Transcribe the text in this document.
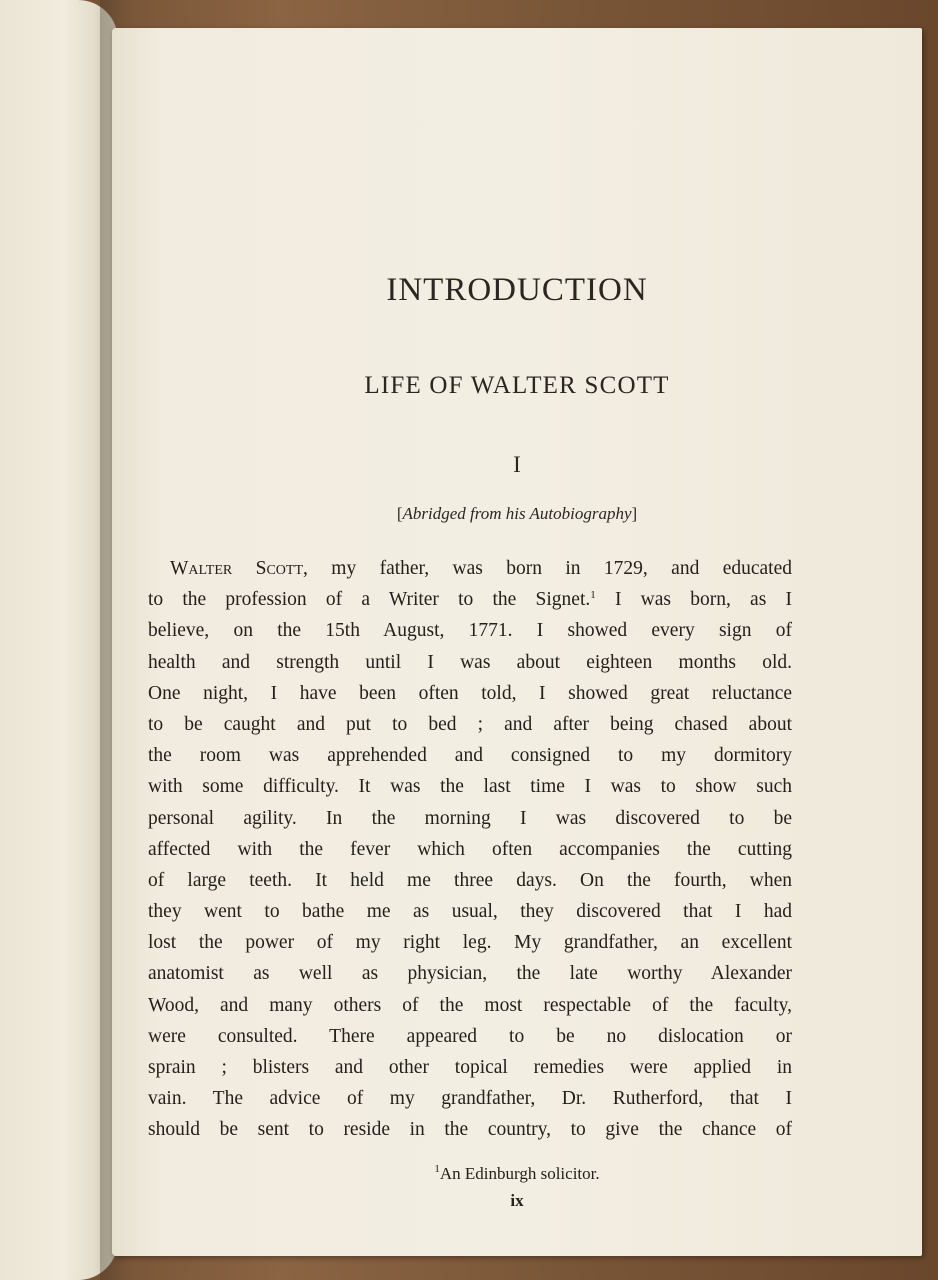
INTRODUCTION
LIFE OF WALTER SCOTT
I
[Abridged from his Autobiography]
Walter Scott, my father, was born in 1729, and educated
to the profession of a Writer to the Signet.$^1$ I was born, as I
believe, on the 15th August, 1771. I showed every sign of
health and strength until I was about eighteen months old.
One night, I have been often told, I showed great reluctance
to be caught and put to bed ; and after being chased about
the room was apprehended and consigned to my dormitory
with some difficulty. It was the last time I was to show such
personal agility. In the morning I was discovered to be
affected with the fever which often accompanies the cutting
of large teeth. It held me three days. On the fourth, when
they went to bathe me as usual, they discovered that I had
lost the power of my right leg. My grandfather, an excellent
anatomist as well as physician, the late worthy Alexander
Wood, and many others of the most respectable of the faculty,
were consulted. There appeared to be no dislocation or
sprain ; blisters and other topical remedies were applied in
vain. The advice of my grandfather, Dr. Rutherford, that I
should be sent to reside in the country, to give the chance of
$^1$An Edinburgh solicitor.
ix
